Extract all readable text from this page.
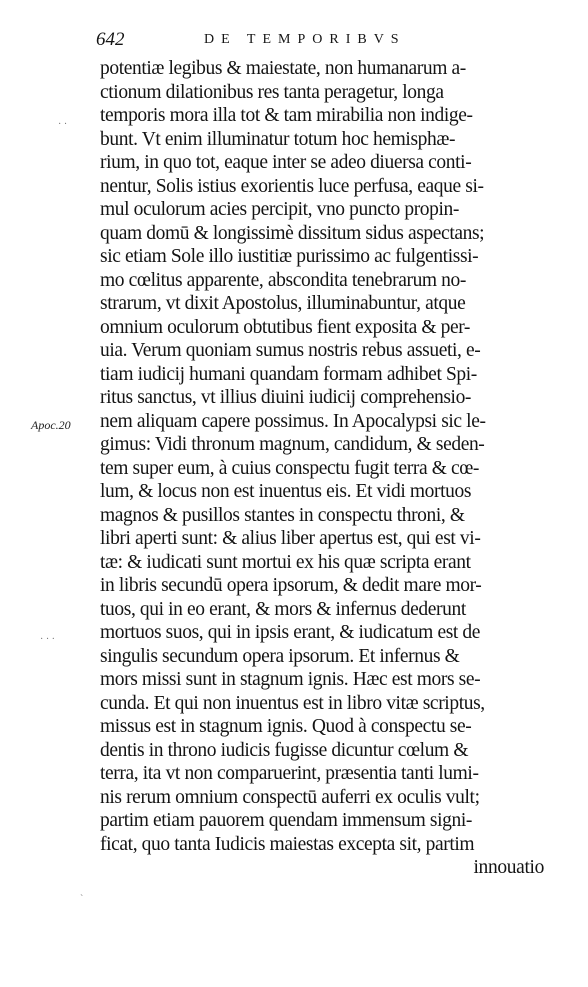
642	DE TEMPORIBVS
Apoc.20
· ·
· · ·
`
potentiæ legibus & maiestate, non humanarum a-
ctionum dilationibus res tanta peragetur, longa
temporis mora illa tot & tam mirabilia non indige-
bunt. Vt enim illuminatur totum hoc hemisphæ-
rium, in quo tot, eaque inter se adeo diuersa conti-
nentur, Solis istius exorientis luce perfusa, eaque si-
mul oculorum acies percipit, vno puncto propin-
quam domū & longissimè dissitum sidus aspectans;
sic etiam Sole illo iustitiæ purissimo ac fulgentissi-
mo cœlitus apparente, abscondita tenebrarum no-
strarum, vt dixit Apostolus, illuminabuntur, atque
omnium oculorum obtutibus fient exposita & per-
uia. Verum quoniam sumus nostris rebus assueti, e-
tiam iudicij humani quandam formam adhibet Spi-
ritus sanctus, vt illius diuini iudicij comprehensio-
nem aliquam capere possimus. In Apocalypsi sic le-
gimus: Vidi thronum magnum, candidum, & seden-
tem super eum, à cuius conspectu fugit terra & cœ-
lum, & locus non est inuentus eis. Et vidi mortuos
magnos & pusillos stantes in conspectu throni, &
libri aperti sunt: & alius liber apertus est, qui est vi-
tæ: & iudicati sunt mortui ex his quæ scripta erant
in libris secundū opera ipsorum, & dedit mare mor-
tuos, qui in eo erant, & mors & infernus dederunt
mortuos suos, qui in ipsis erant, & iudicatum est de
singulis secundum opera ipsorum. Et infernus &
mors missi sunt in stagnum ignis. Hæc est mors se-
cunda. Et qui non inuentus est in libro vitæ scriptus,
missus est in stagnum ignis. Quod à conspectu se-
dentis in throno iudicis fugisse dicuntur cœlum &
terra, ita vt non comparuerint, præsentia tanti lumi-
nis rerum omnium conspectū auferri ex oculis vult;
partim etiam pauorem quendam immensum signi-
ficat, quo tanta Iudicis maiestas excepta sit, partim
innouatio
